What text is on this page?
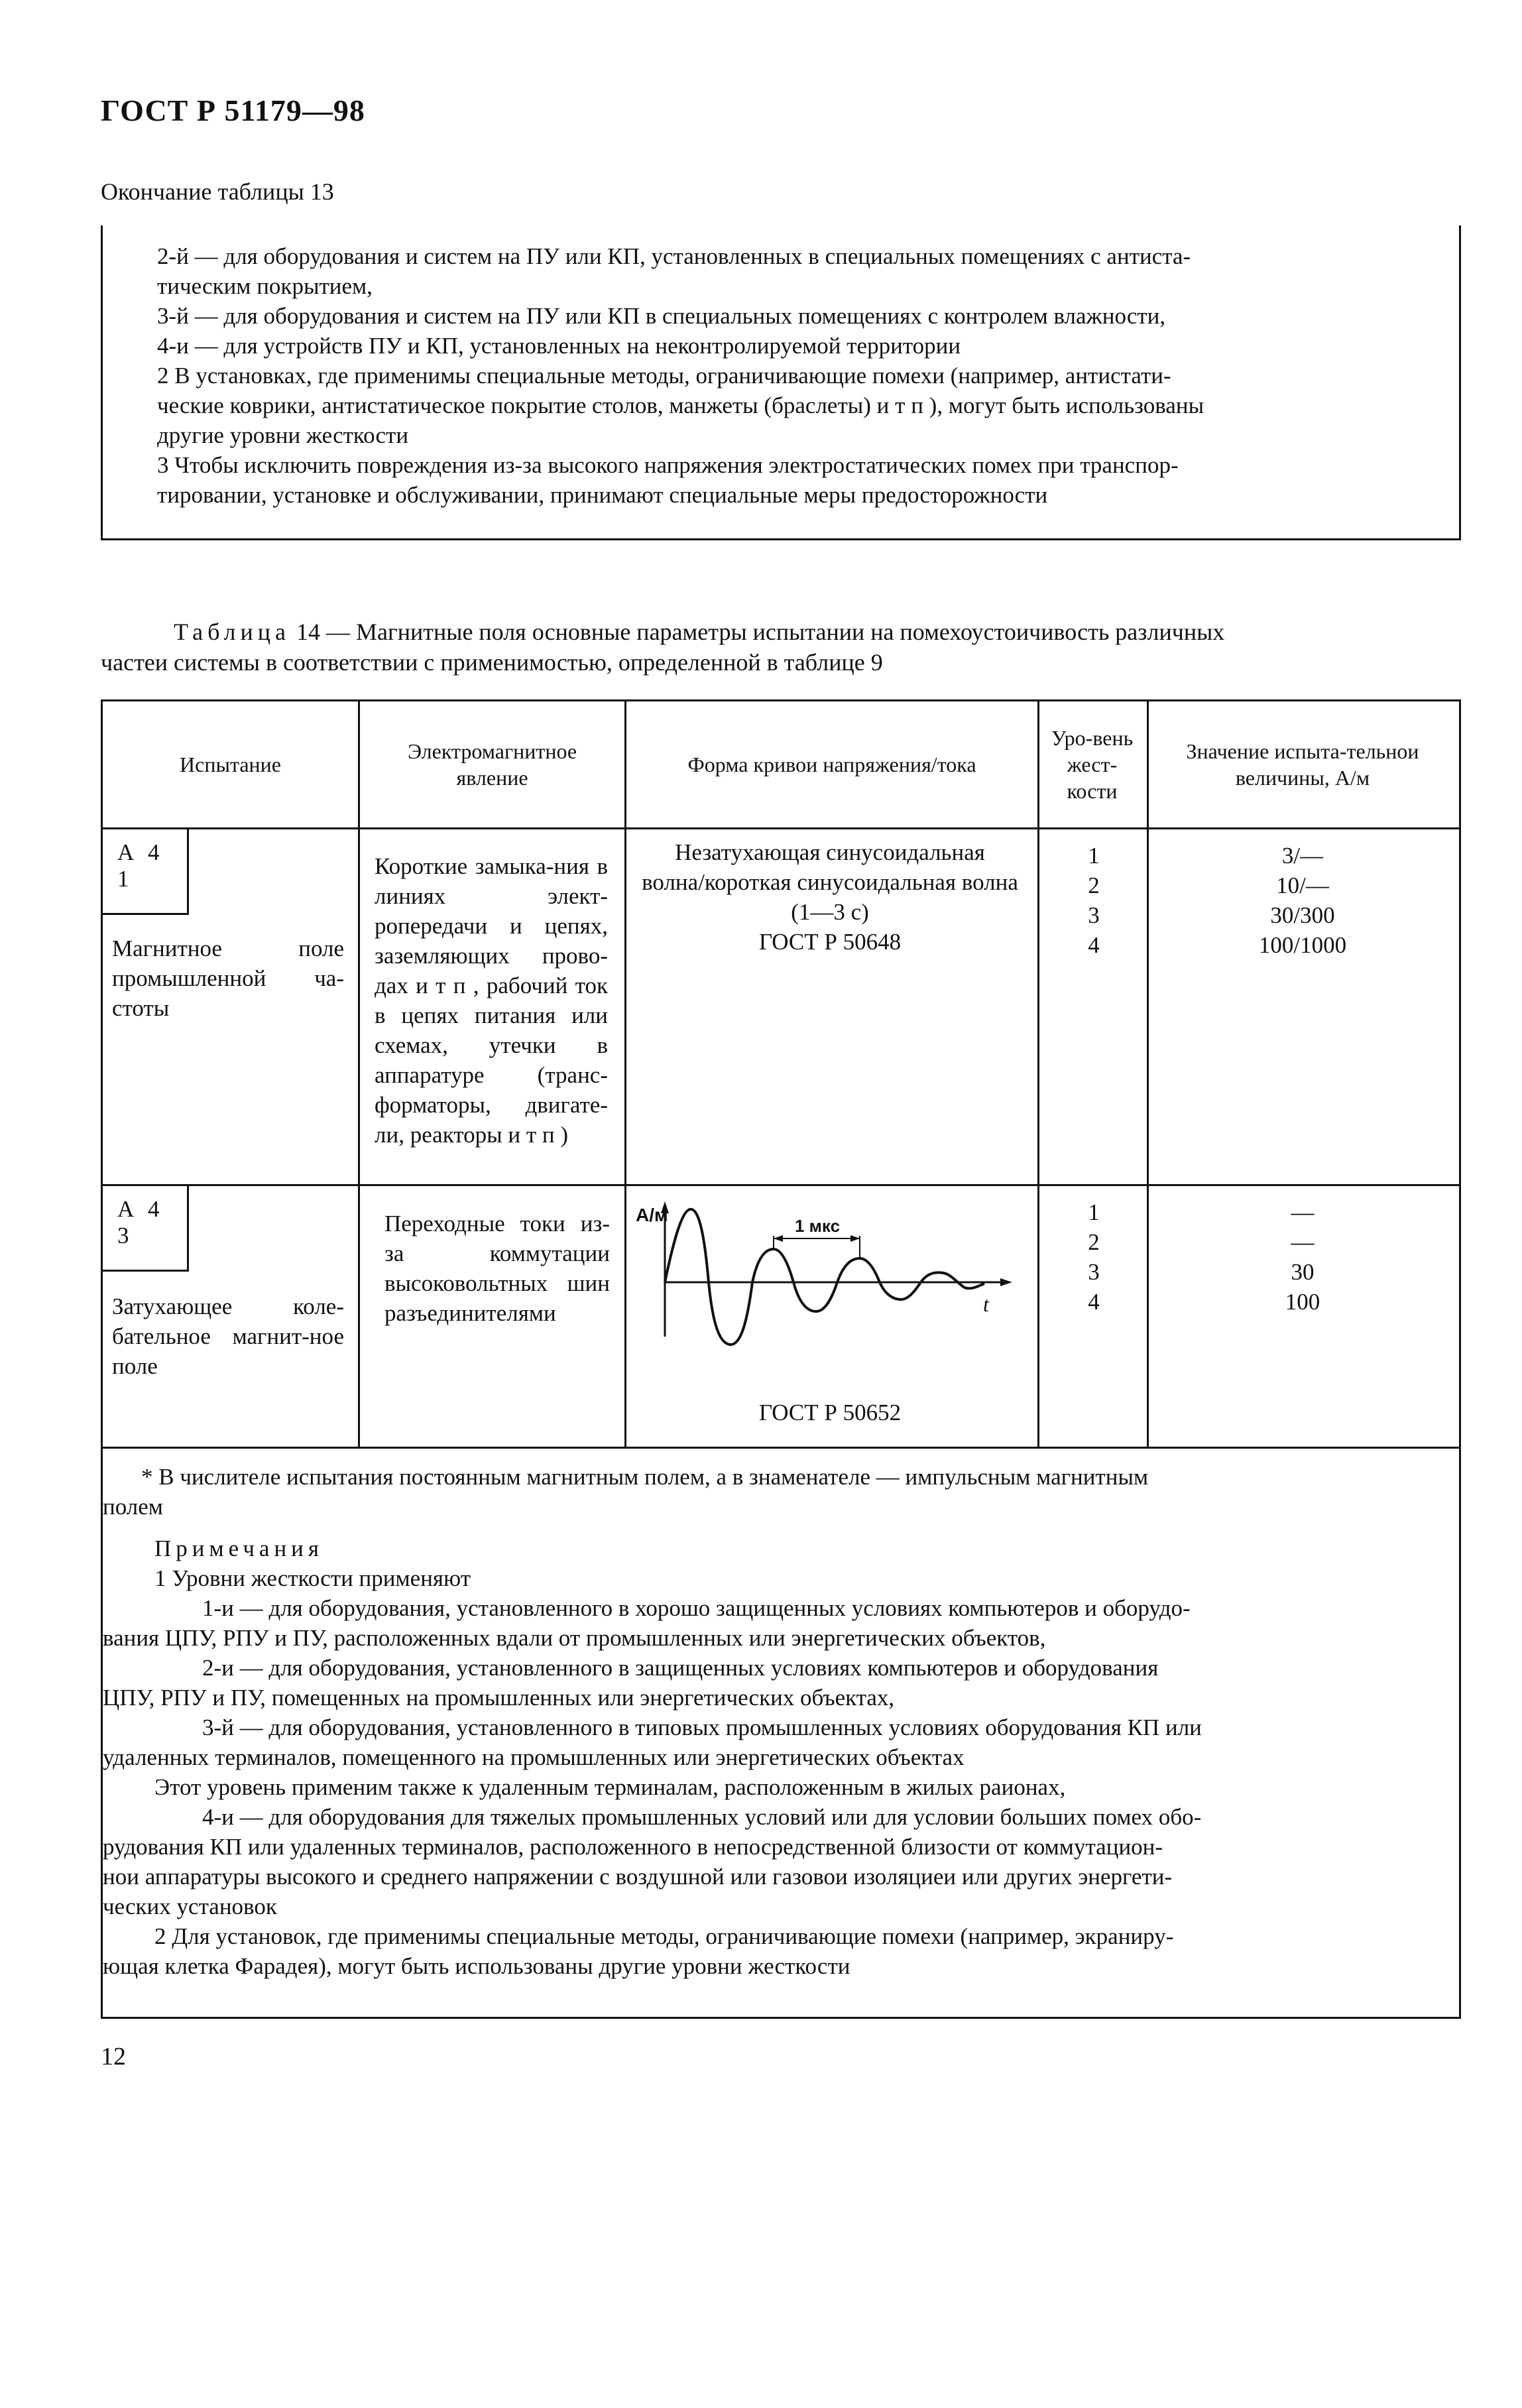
ГОСТ Р 51179—98
Окончание таблицы 13
2-й — для оборудования и систем на ПУ или КП, установленных в специальных помещениях с антиста-
тическим покрытием,
3-й — для оборудования и систем на ПУ или КП в специальных помещениях с контролем влажности,
4-и — для устройств ПУ и КП, установленных на неконтролируемой территории
2 В установках, где применимы специальные методы, ограничивающие помехи (например, антистати-
ческие коврики, антистатическое покрытие столов, манжеты (браслеты) и т п ), могут быть использованы
другие уровни жесткости
3 Чтобы исключить повреждения из-за высокого напряжения электростатических помех при транспор-
тировании, установке и обслуживании, принимают специальные меры предосторожности
Таблица 14 — Магнитные поля основные параметры испытании на помехоустоичивость различных
частеи системы в соответствии с применимостью, определенной в таблице 9
Испытание
Электромагнитное явление
Форма кривои напряжения/тока
Уро-вень жест-кости
Значение испыта-тельнои величины, А/м
А 4 1
Магнитное поле промышленной ча-стоты
Короткие замыка-ния в линиях элект-ропередачи и цепях, заземляющих прово-дах и т п , рабочий ток в цепях питания или схемах, утечки в аппаратуре (транс-форматоры, двигате-ли, реакторы и т п )
Незатухающая синусоидальная волна/короткая синусоидальная волна (1—3 с)
ГОСТ Р 50648
1
2
3
4
3/—
10/—
30/300
100/1000
А 4 3
Затухающее коле-бательное магнит-ное поле
Переходные токи из-за коммутации высоковольтных шин разъединителями
А/м
t
1 мкс
ГОСТ Р 50652
1
2
3
4
—
—
30
100
* В числителе испытания постоянным магнитным полем, а в знаменателе — импульсным магнитным
полем
Примечания
1 Уровни жесткости применяют
1-и — для оборудования, установленного в хорошо защищенных условиях компьютеров и оборудо-
вания ЦПУ, РПУ и ПУ, расположенных вдали от промышленных или энергетических объектов,
2-и — для оборудования, установленного в защищенных условиях компьютеров и оборудования
ЦПУ, РПУ и ПУ, помещенных на промышленных или энергетических объектах,
3-й — для оборудования, установленного в типовых промышленных условиях оборудования КП или
удаленных терминалов, помещенного на промышленных или энергетических объектах
Этот уровень применим также к удаленным терминалам, расположенным в жилых раионах,
4-и — для оборудования для тяжелых промышленных условий или для условии больших помех обо-
рудования КП или удаленных терминалов, расположенного в непосредственной близости от коммутацион-
нои аппаратуры высокого и среднего напряжении с воздушной или газовои изоляциеи или других энергети-
ческих установок
2 Для установок, где применимы специальные методы, ограничивающие помехи (например, экраниру-
ющая клетка Фарадея), могут быть использованы другие уровни жесткости
12
